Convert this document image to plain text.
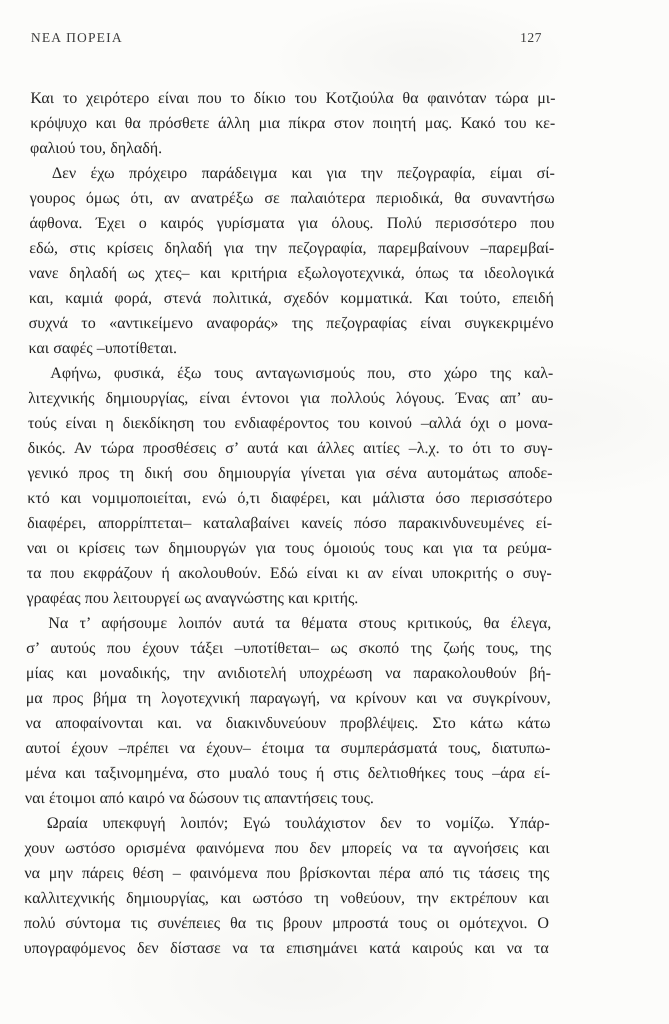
ΝΕΑ ΠΟΡΕΙΑ	127
Και το χειρότερο είναι που το δίκιο του Κοτζιούλα θα φαινόταν τώρα μι-
κρόψυχο και θα πρόσθετε άλλη μια πίκρα στον ποιητή μας. Κακό του κε-
φαλιού του, δηλαδή.
Δεν έχω πρόχειρο παράδειγμα και για την πεζογραφία, είμαι σί-
γουρος όμως ότι, αν ανατρέξω σε παλαιότερα περιοδικά, θα συναντήσω
άφθονα. Έχει ο καιρός γυρίσματα για όλους. Πολύ περισσότερο που
εδώ, στις κρίσεις δηλαδή για την πεζογραφία, παρεμβαίνουν –παρεμβαί-
νανε δηλαδή ως χτες– και κριτήρια εξωλογοτεχνικά, όπως τα ιδεολογικά
και, καμιά φορά, στενά πολιτικά, σχεδόν κομματικά. Και τούτο, επειδή
συχνά το «αντικείμενο αναφοράς» της πεζογραφίας είναι συγκεκριμένο
και σαφές –υποτίθεται.
Αφήνω, φυσικά, έξω τους ανταγωνισμούς που, στο χώρο της καλ-
λιτεχνικής δημιουργίας, είναι έντονοι για πολλούς λόγους. Ένας απ’ αυ-
τούς είναι η διεκδίκηση του ενδιαφέροντος του κοινού –αλλά όχι ο μονα-
δικός. Αν τώρα προσθέσεις σ’ αυτά και άλλες αιτίες –λ.χ. το ότι το συγ-
γενικό προς τη δική σου δημιουργία γίνεται για σένα αυτομάτως αποδε-
κτό και νομιμοποιείται, ενώ ό,τι διαφέρει, και μάλιστα όσο περισσότερο
διαφέρει, απορρίπτεται– καταλαβαίνει κανείς πόσο παρακινδυνευμένες εί-
ναι οι κρίσεις των δημιουργών για τους όμοιούς τους και για τα ρεύμα-
τα που εκφράζουν ή ακολουθούν. Εδώ είναι κι αν είναι υποκριτής ο συγ-
γραφέας που λειτουργεί ως αναγνώστης και κριτής.
Να τ’ αφήσουμε λοιπόν αυτά τα θέματα στους κριτικούς, θα έλεγα,
σ’ αυτούς που έχουν τάξει –υποτίθεται– ως σκοπό της ζωής τους, της
μίας και μοναδικής, την ανιδιοτελή υποχρέωση να παρακολουθούν βή-
μα προς βήμα τη λογοτεχνική παραγωγή, να κρίνουν και να συγκρίνουν,
να αποφαίνονται και. να διακινδυνεύουν προβλέψεις. Στο κάτω κάτω
αυτοί έχουν –πρέπει να έχουν– έτοιμα τα συμπεράσματά τους, διατυπω-
μένα και ταξινομημένα, στο μυαλό τους ή στις δελτιοθήκες τους –άρα εί-
ναι έτοιμοι από καιρό να δώσουν τις απαντήσεις τους.
Ωραία υπεκφυγή λοιπόν; Εγώ τουλάχιστον δεν το νομίζω. Υπάρ-
χουν ωστόσο ορισμένα φαινόμενα που δεν μπορείς να τα αγνοήσεις και
να μην πάρεις θέση – φαινόμενα που βρίσκονται πέρα από τις τάσεις της
καλλιτεχνικής δημιουργίας, και ωστόσο τη νοθεύουν, την εκτρέπουν και
πολύ σύντομα τις συνέπειες θα τις βρουν μπροστά τους οι ομότεχνοι. Ο
υπογραφόμενος δεν δίστασε να τα επισημάνει κατά καιρούς και να τα
